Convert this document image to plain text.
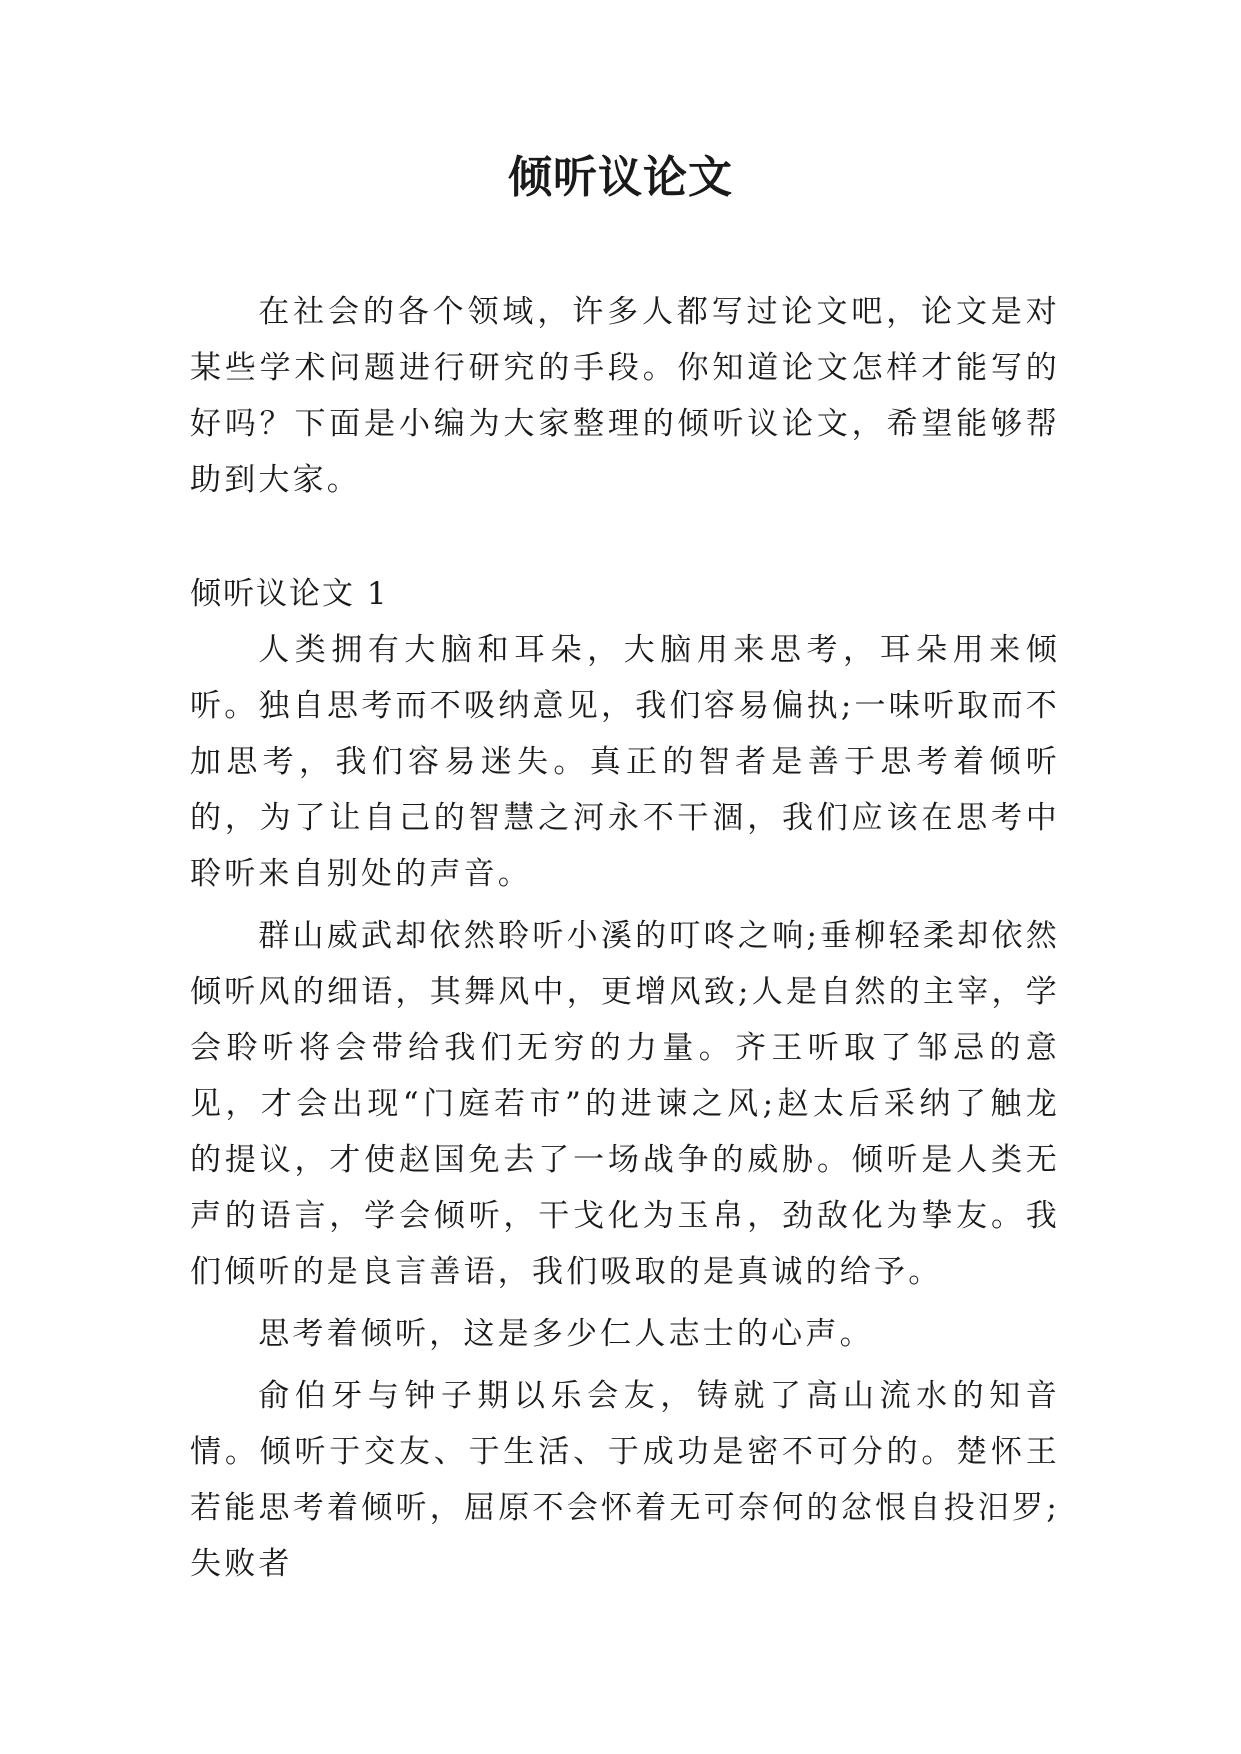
倾听议论文

在社会的各个领域，许多人都写过论文吧，论文是对某些学术问题进行研究的手段。你知道论文怎样才能写的好吗？下面是小编为大家整理的倾听议论文，希望能够帮助到大家。

倾听议论文 1

人类拥有大脑和耳朵，大脑用来思考，耳朵用来倾听。独自思考而不吸纳意见，我们容易偏执;一味听取而不加思考，我们容易迷失。真正的智者是善于思考着倾听的，为了让自己的智慧之河永不干涸，我们应该在思考中聆听来自别处的声音。

群山威武却依然聆听小溪的叮咚之响;垂柳轻柔却依然倾听风的细语，其舞风中，更增风致;人是自然的主宰，学会聆听将会带给我们无穷的力量。齐王听取了邹忌的意见，才会出现“门庭若市”的进谏之风;赵太后采纳了触龙的提议，才使赵国免去了一场战争的威胁。倾听是人类无声的语言，学会倾听，干戈化为玉帛，劲敌化为挚友。我们倾听的是良言善语，我们吸取的是真诚的给予。

思考着倾听，这是多少仁人志士的心声。

俞伯牙与钟子期以乐会友，铸就了高山流水的知音情。倾听于交友、于生活、于成功是密不可分的。楚怀王若能思考着倾听，屈原不会怀着无可奈何的忿恨自投汨罗;失败者
